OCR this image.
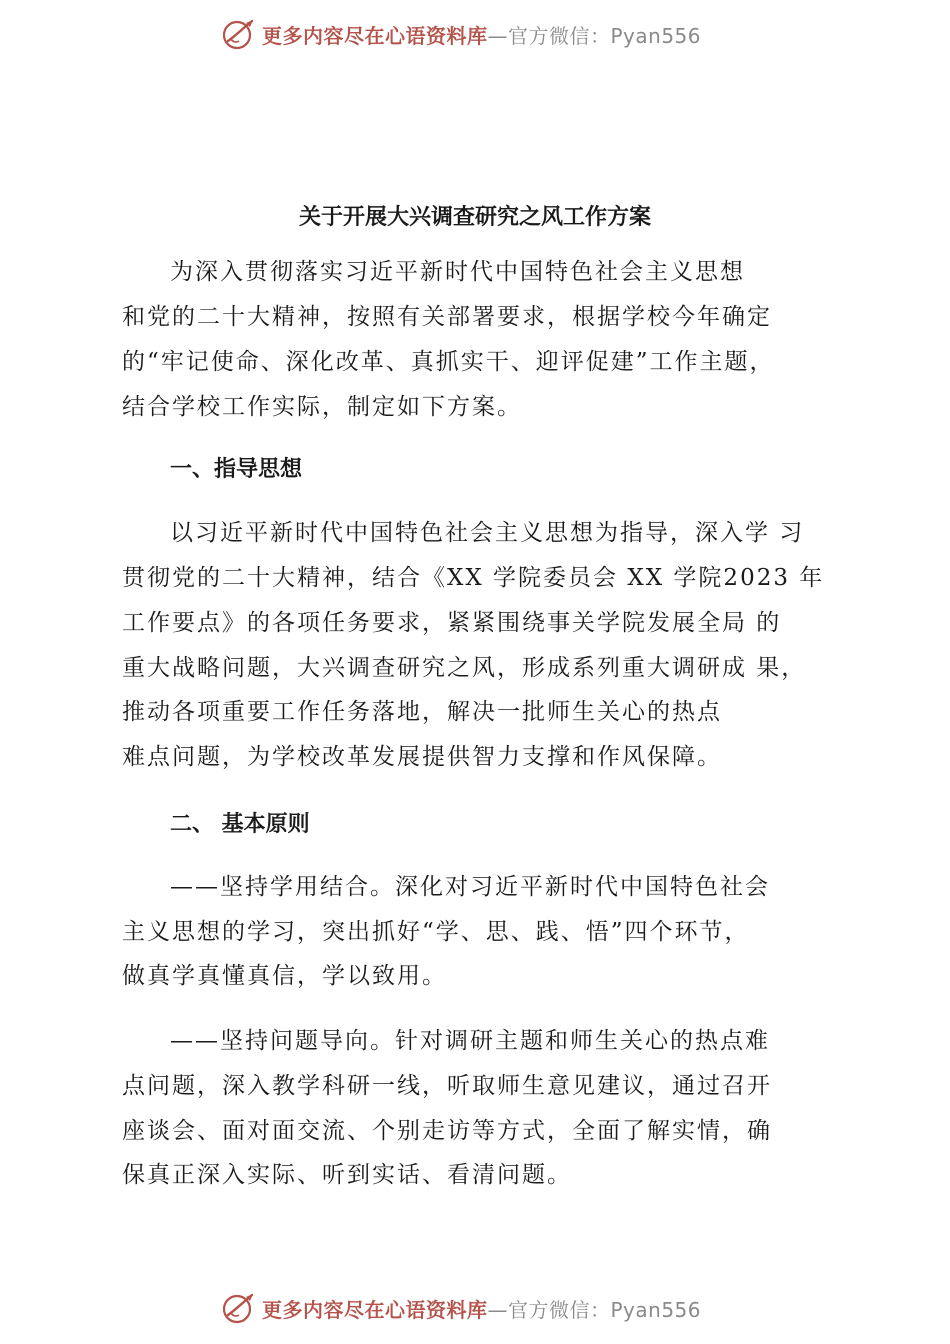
更多内容尽在心语资料库 —官方微信：Pyan556
关于开展大兴调查研究之风工作方案
为深入贯彻落实习近平新时代中国特色社会主义思想
和党的二十大精神，按照有关部署要求，根据学校今年确定
的“牢记使命、深化改革、真抓实干、迎评促建”工作主题，
结合学校工作实际，制定如下方案。
一、指导思想
以习近平新时代中国特色社会主义思想为指导，深入学 习
贯彻党的二十大精神，结合《XX 学院委员会 XX 学院2023 年
工作要点》的各项任务要求，紧紧围绕事关学院发展全局 的
重大战略问题，大兴调查研究之风，形成系列重大调研成 果，
推动各项重要工作任务落地，解决一批师生关心的热点
难点问题，为学校改革发展提供智力支撑和作风保障。
二、 基本原则
——坚持学用结合。深化对习近平新时代中国特色社会
主义思想的学习，突出抓好“学、思、践、悟”四个环节，
做真学真懂真信，学以致用。
——坚持问题导向。针对调研主题和师生关心的热点难
点问题，深入教学科研一线，听取师生意见建议，通过召开
座谈会、面对面交流、个别走访等方式，全面了解实情，确
保真正深入实际、听到实话、看清问题。
更多内容尽在心语资料库 —官方微信：Pyan556
